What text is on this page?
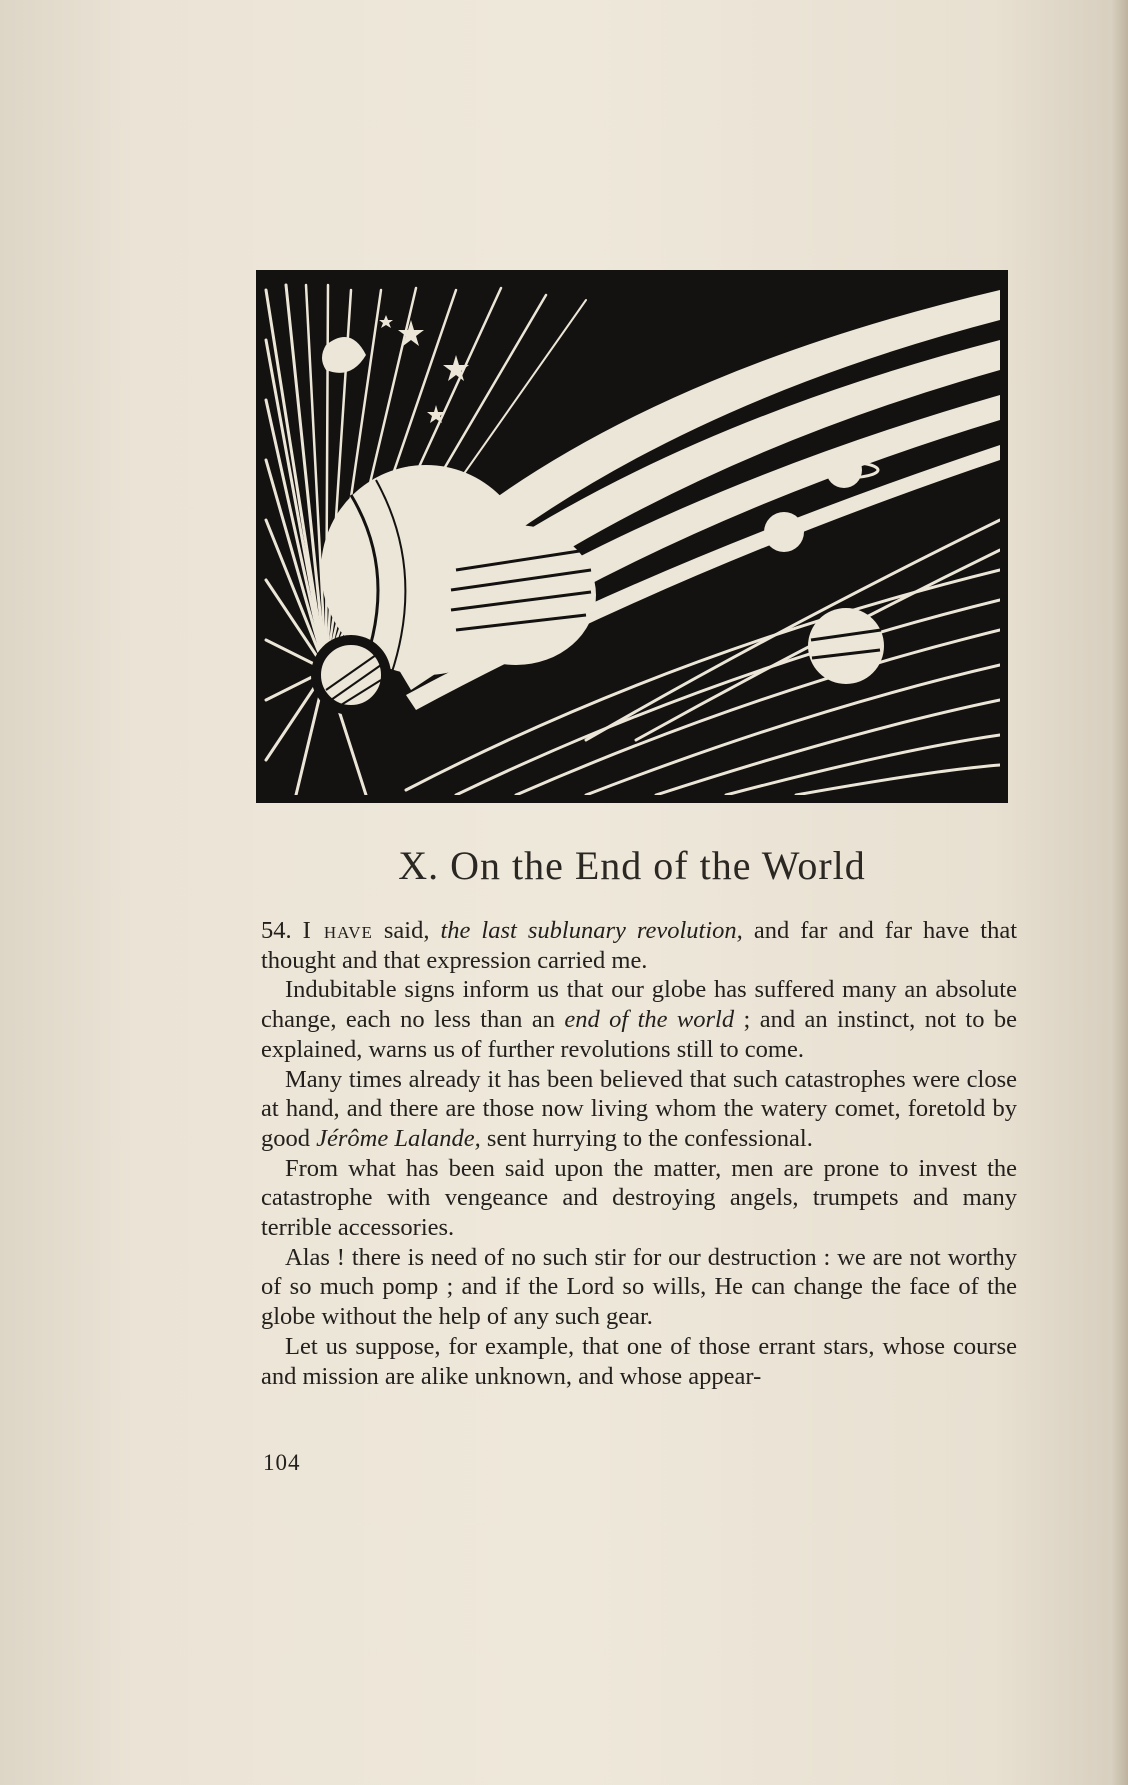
X. On the End of the World

54. I have said, the last sublunary revolution, and far and far have that thought and that expression carried me.

Indubitable signs inform us that our globe has suffered many an absolute change, each no less than an end of the world ; and an instinct, not to be explained, warns us of further revolutions still to come.

Many times already it has been believed that such catastrophes were close at hand, and there are those now living whom the watery comet, foretold by good Jérôme Lalande, sent hurrying to the confessional.

From what has been said upon the matter, men are prone to invest the catastrophe with vengeance and destroying angels, trumpets and many terrible accessories.

Alas ! there is need of no such stir for our destruction : we are not worthy of so much pomp ; and if the Lord so wills, He can change the face of the globe without the help of any such gear.

Let us suppose, for example, that one of those errant stars, whose course and mission are alike unknown, and whose appear-

104
